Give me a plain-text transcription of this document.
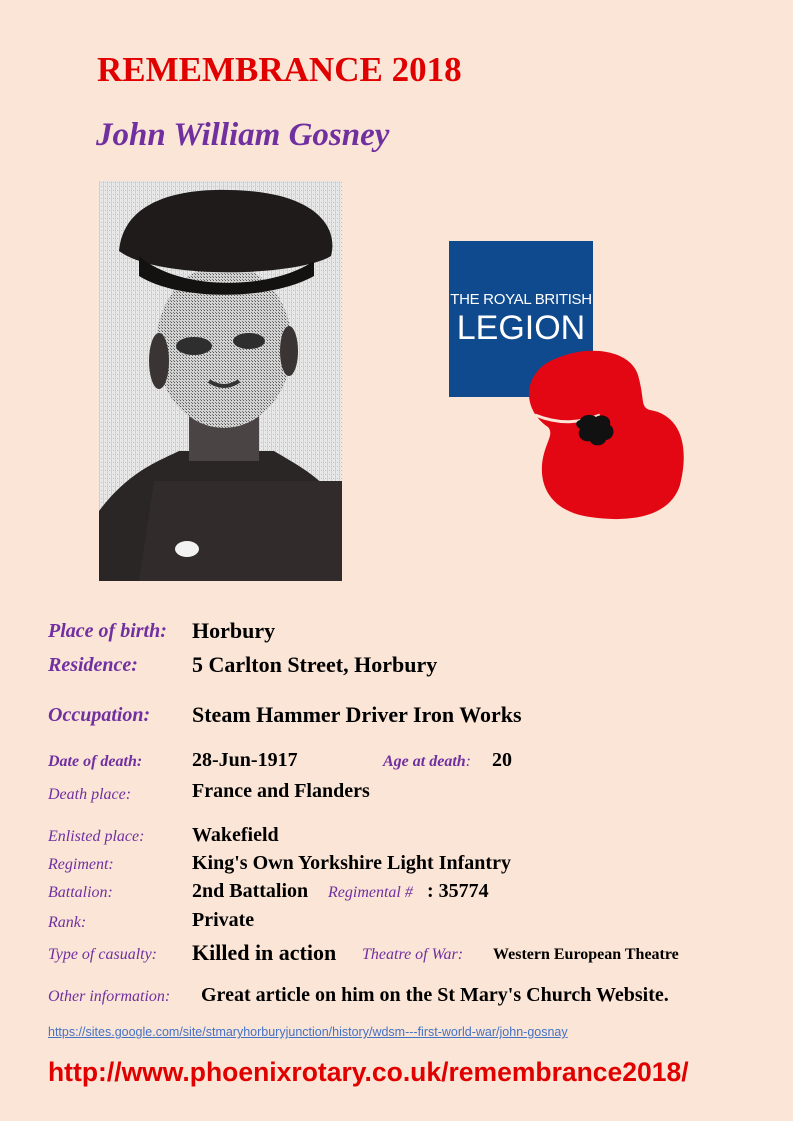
REMEMBRANCE 2018
John William Gosney
THE ROYAL BRITISH
LEGION
Place of birth: Horbury
Residence: 5 Carlton Street, Horbury
Occupation: Steam Hammer Driver Iron Works
Date of death: 28-Jun-1917	Age at death: 20
Death place:	France and Flanders
Enlisted place: Wakefield
Regiment:	King's Own Yorkshire Light Infantry
Battalion:	2nd Battalion Regimental # : 35774
Rank:	Private
Type of casualty: Killed in action Theatre of War: Western European Theatre
Other information: Great article on him on the St Mary's Church Website.
https://sites.google.com/site/stmaryhorburyjunction/history/wdsm---first-world-war/john-gosnay
http://www.phoenixrotary.co.uk/remembrance2018/
